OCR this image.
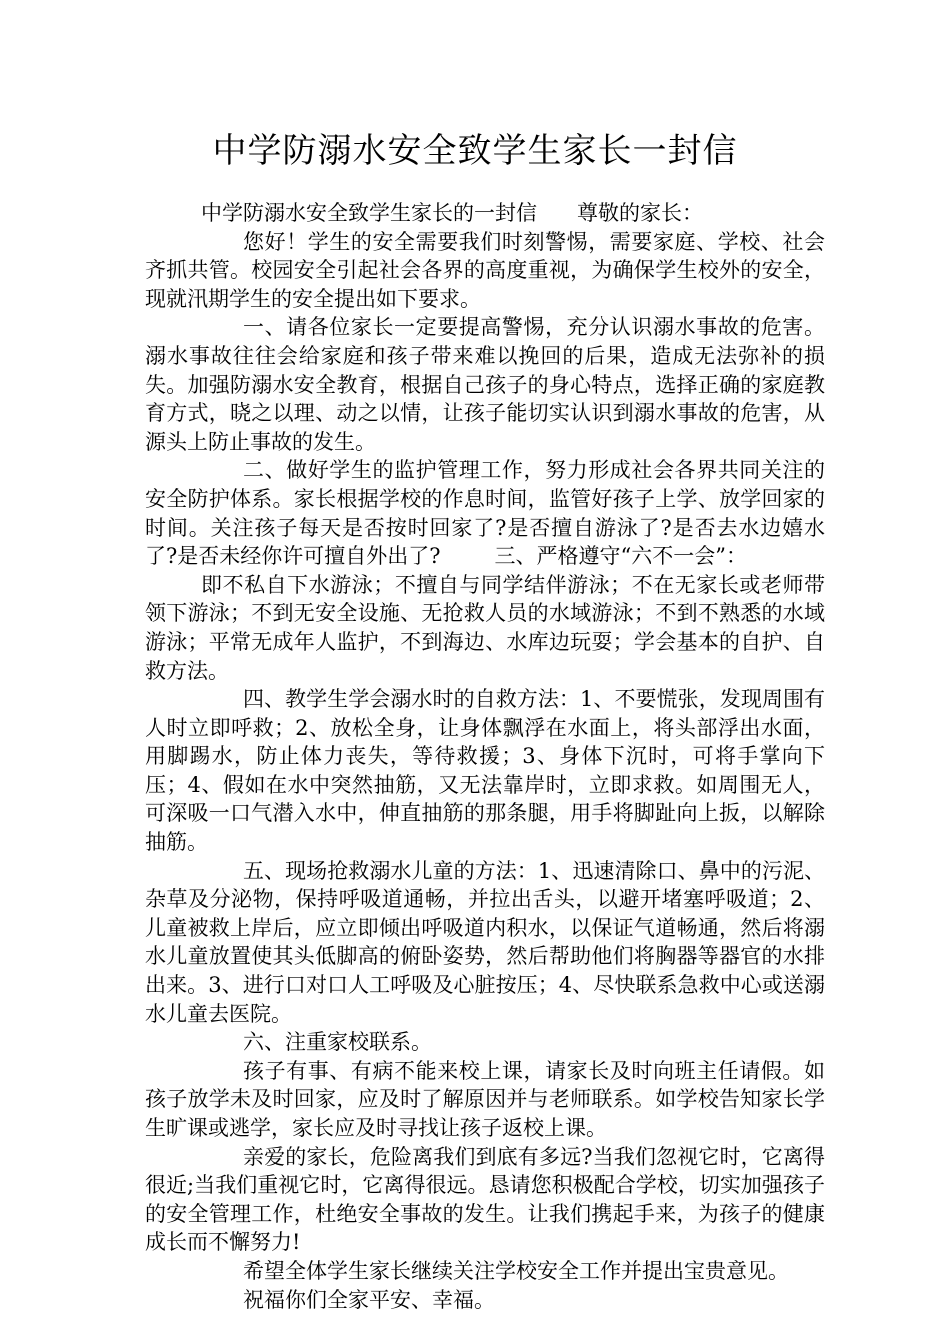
中学防溺水安全致学生家长一封信

中学防溺水安全致学生家长的一封信 尊敬的家长：

您好！学生的安全需要我们时刻警惕，需要家庭、学校、社会齐抓共管。校园安全引起社会各界的高度重视，为确保学生校外的安全，现就汛期学生的安全提出如下要求。

一、请各位家长一定要提高警惕，充分认识溺水事故的危害。溺水事故往往会给家庭和孩子带来难以挽回的后果，造成无法弥补的损失。加强防溺水安全教育，根据自己孩子的身心特点，选择正确的家庭教育方式，晓之以理、动之以情，让孩子能切实认识到溺水事故的危害，从源头上防止事故的发生。

二、做好学生的监护管理工作，努力形成社会各界共同关注的安全防护体系。家长根据学校的作息时间，监管好孩子上学、放学回家的时间。关注孩子每天是否按时回家了?是否擅自游泳了?是否去水边嬉水了?是否未经你许可擅自外出了?	三、严格遵守“六不一会”：

即不私自下水游泳；不擅自与同学结伴游泳；不在无家长或老师带领下游泳；不到无安全设施、无抢救人员的水域游泳；不到不熟悉的水域游泳；平常无成年人监护，不到海边、水库边玩耍；学会基本的自护、自救方法。

四、教学生学会溺水时的自救方法：1、不要慌张，发现周围有人时立即呼救；2、放松全身，让身体飘浮在水面上，将头部浮出水面，用脚踢水，防止体力丧失，等待救援；3、身体下沉时，可将手掌向下压；4、假如在水中突然抽筋，又无法靠岸时，立即求救。如周围无人，可深吸一口气潜入水中，伸直抽筋的那条腿，用手将脚趾向上扳，以解除抽筋。

五、现场抢救溺水儿童的方法：1、迅速清除口、鼻中的污泥、杂草及分泌物，保持呼吸道通畅，并拉出舌头，以避开堵塞呼吸道；2、儿童被救上岸后，应立即倾出呼吸道内积水，以保证气道畅通，然后将溺水儿童放置使其头低脚高的俯卧姿势，然后帮助他们将胸器等器官的水排出来。3、进行口对口人工呼吸及心脏按压；4、尽快联系急救中心或送溺水儿童去医院。

六、注重家校联系。

孩子有事、有病不能来校上课，请家长及时向班主任请假。如孩子放学未及时回家，应及时了解原因并与老师联系。如学校告知家长学生旷课或逃学，家长应及时寻找让孩子返校上课。

亲爱的家长，危险离我们到底有多远?当我们忽视它时，它离得很近;当我们重视它时，它离得很远。恳请您积极配合学校，切实加强孩子的安全管理工作，杜绝安全事故的发生。让我们携起手来，为孩子的健康成长而不懈努力!

希望全体学生家长继续关注学校安全工作并提出宝贵意见。

祝福你们全家平安、幸福。
